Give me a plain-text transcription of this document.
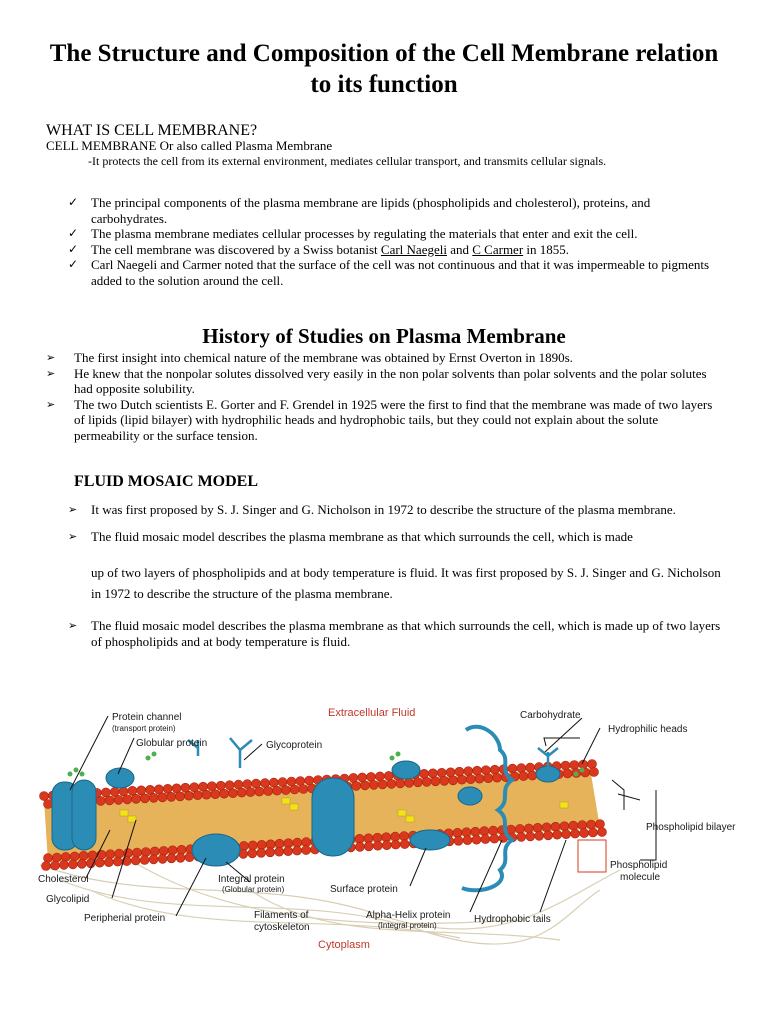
The Structure and Composition of the Cell Membrane relation to its function
WHAT IS CELL MEMBRANE?
CELL MEMBRANE Or also called Plasma Membrane
-It protects the cell from its external environment, mediates cellular transport, and transmits cellular signals.
✓ The principal components of the plasma membrane are lipids (phospholipids and cholesterol), proteins, and carbohydrates.
✓ The plasma membrane mediates cellular processes by regulating the materials that enter and exit the cell.
✓ The cell membrane was discovered by a Swiss botanist Carl Naegeli and C Carmer in 1855.
✓ Carl Naegeli and Carmer noted that the surface of the cell was not continuous and that it was impermeable to pigments added to the solution around the cell.
History of Studies on Plasma Membrane
➢ The first insight into chemical nature of the membrane was obtained by Ernst Overton in 1890s.
➢ He knew that the nonpolar solutes dissolved very easily in the non polar solvents than polar solvents and the polar solutes had opposite solubility.
➢ The two Dutch scientists E. Gorter and F. Grendel in 1925 were the first to find that the membrane was made of two layers of lipids (lipid bilayer) with hydrophilic heads and hydrophobic tails, but they could not explain about the solute permeability or the surface tension.
FLUID MOSAIC MODEL
➢ It was first proposed by S. J. Singer and G. Nicholson in 1972 to describe the structure of the plasma membrane.
➢ The fluid mosaic model describes the plasma membrane as that which surrounds the cell, which is made
up of two layers of phospholipids and at body temperature is fluid. It was first proposed by S. J. Singer and G. Nicholson in 1972 to describe the structure of the plasma membrane.
➢ The fluid mosaic model describes the plasma membrane as that which surrounds the cell, which is made up of two layers of phospholipids and at body temperature is fluid.
Extracellular Fluid
Protein channel
(transport protein)
Globular protein	Glycoprotein
Carbohydrate
Hydrophilic heads
Phospholipid bilayer
Phospholipid
molecule
Cholesterol
Glycolipid
Peripherial protein
Integral protein
(Globular protein)	Surface protein
Filaments of
cytoskeleton
Alpha-Helix protein
(Integral protein)
Hydrophobic tails
Cytoplasm
